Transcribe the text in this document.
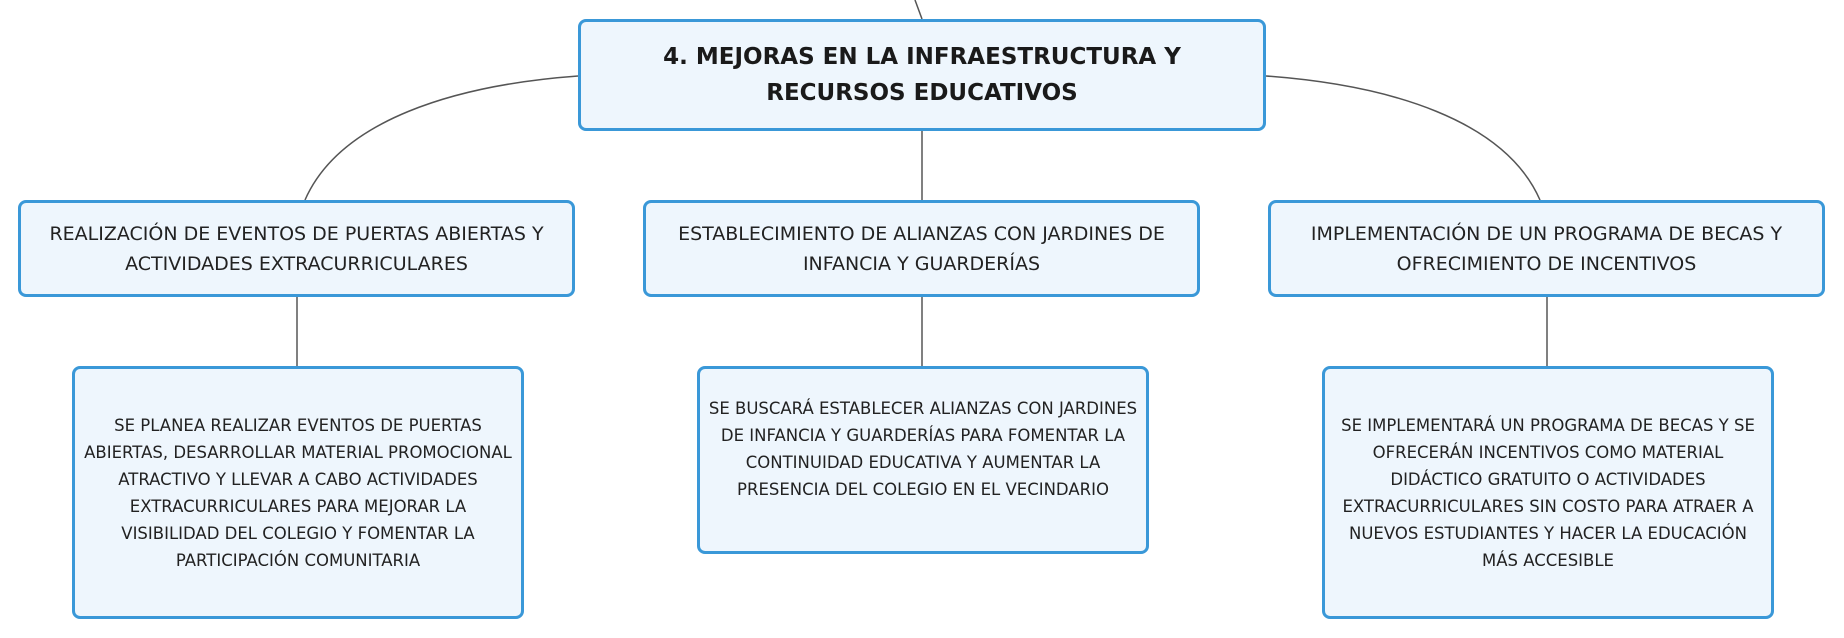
4. MEJORAS EN LA INFRAESTRUCTURA Y RECURSOS EDUCATIVOS
REALIZACIÓN DE EVENTOS DE PUERTAS ABIERTAS Y ACTIVIDADES EXTRACURRICULARES
ESTABLECIMIENTO DE ALIANZAS CON JARDINES DE INFANCIA Y GUARDERÍAS
IMPLEMENTACIÓN DE UN PROGRAMA DE BECAS Y OFRECIMIENTO DE INCENTIVOS
SE PLANEA REALIZAR EVENTOS DE PUERTAS ABIERTAS, DESARROLLAR MATERIAL PROMOCIONAL ATRACTIVO Y LLEVAR A CABO ACTIVIDADES EXTRACURRICULARES PARA MEJORAR LA VISIBILIDAD DEL COLEGIO Y FOMENTAR LA PARTICIPACIÓN COMUNITARIA
SE BUSCARÁ ESTABLECER ALIANZAS CON JARDINES DE INFANCIA Y GUARDERÍAS PARA FOMENTAR LA CONTINUIDAD EDUCATIVA Y AUMENTAR LA PRESENCIA DEL COLEGIO EN EL VECINDARIO
SE IMPLEMENTARÁ UN PROGRAMA DE BECAS Y SE OFRECERÁN INCENTIVOS COMO MATERIAL DIDÁCTICO GRATUITO O ACTIVIDADES EXTRACURRICULARES SIN COSTO PARA ATRAER A NUEVOS ESTUDIANTES Y HACER LA EDUCACIÓN MÁS ACCESIBLE
